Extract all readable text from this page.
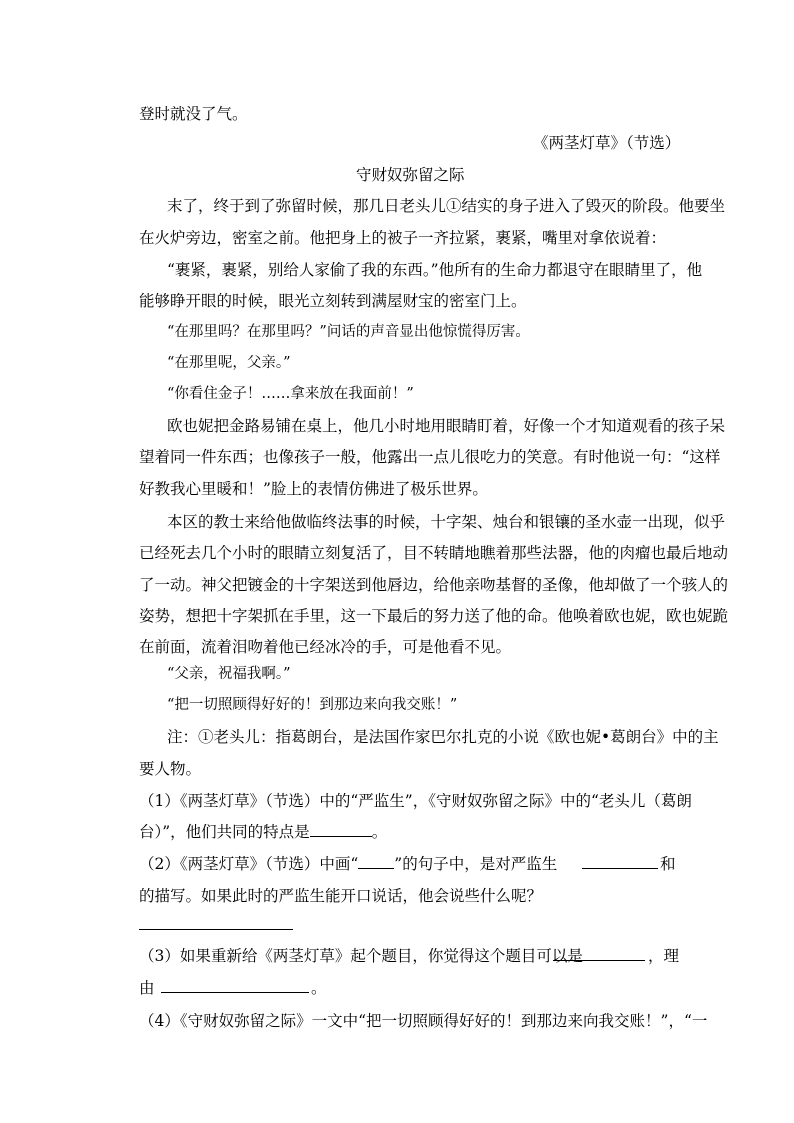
登时就没了气。
《两茎灯草》（节选）
守财奴弥留之际
末了，终于到了弥留时候，那几日老头儿①结实的身子进入了毁灭的阶段。他要坐
在火炉旁边，密室之前。他把身上的被子一齐拉紧，裹紧，嘴里对拿依说着：
“裹紧，裹紧，别给人家偷了我的东西。”他所有的生命力都退守在眼睛里了，他
能够睁开眼的时候，眼光立刻转到满屋财宝的密室门上。
“在那里吗？在那里吗？”问话的声音显出他惊慌得厉害。
“在那里呢，父亲。”
“你看住金子！……拿来放在我面前！”
欧也妮把金路易铺在桌上，他几小时地用眼睛盯着，好像一个才知道观看的孩子呆
望着同一件东西；也像孩子一般，他露出一点儿很吃力的笑意。有时他说一句：“这样
好教我心里暖和！”脸上的表情仿佛进了极乐世界。
本区的教士来给他做临终法事的时候，十字架、烛台和银镶的圣水壶一出现，似乎
已经死去几个小时的眼睛立刻复活了，目不转睛地瞧着那些法器，他的肉瘤也最后地动
了一动。神父把镀金的十字架送到他唇边，给他亲吻基督的圣像，他却做了一个骇人的
姿势，想把十字架抓在手里，这一下最后的努力送了他的命。他唤着欧也妮，欧也妮跪
在前面，流着泪吻着他已经冰冷的手，可是他看不见。
“父亲，祝福我啊。”
“把一切照顾得好好的！到那边来向我交账！”
注：①老头儿：指葛朗台，是法国作家巴尔扎克的小说《欧也妮•葛朗台》中的主
要人物。
（1）《两茎灯草》（节选）中的“严监生”，《守财奴弥留之际》中的“老头儿（葛朗
台）”，他们共同的特点是	。
（2）《两茎灯草》（节选）中画“ ”的句子中，是对严监生	和
的描写。如果此时的严监生能开口说话，他会说些什么呢？
（3）如果重新给《两茎灯草》起个题目，你觉得这个题目可以是	，理
由	。
（4）《守财奴弥留之际》一文中“把一切照顾得好好的！到那边来向我交账！”，“一
